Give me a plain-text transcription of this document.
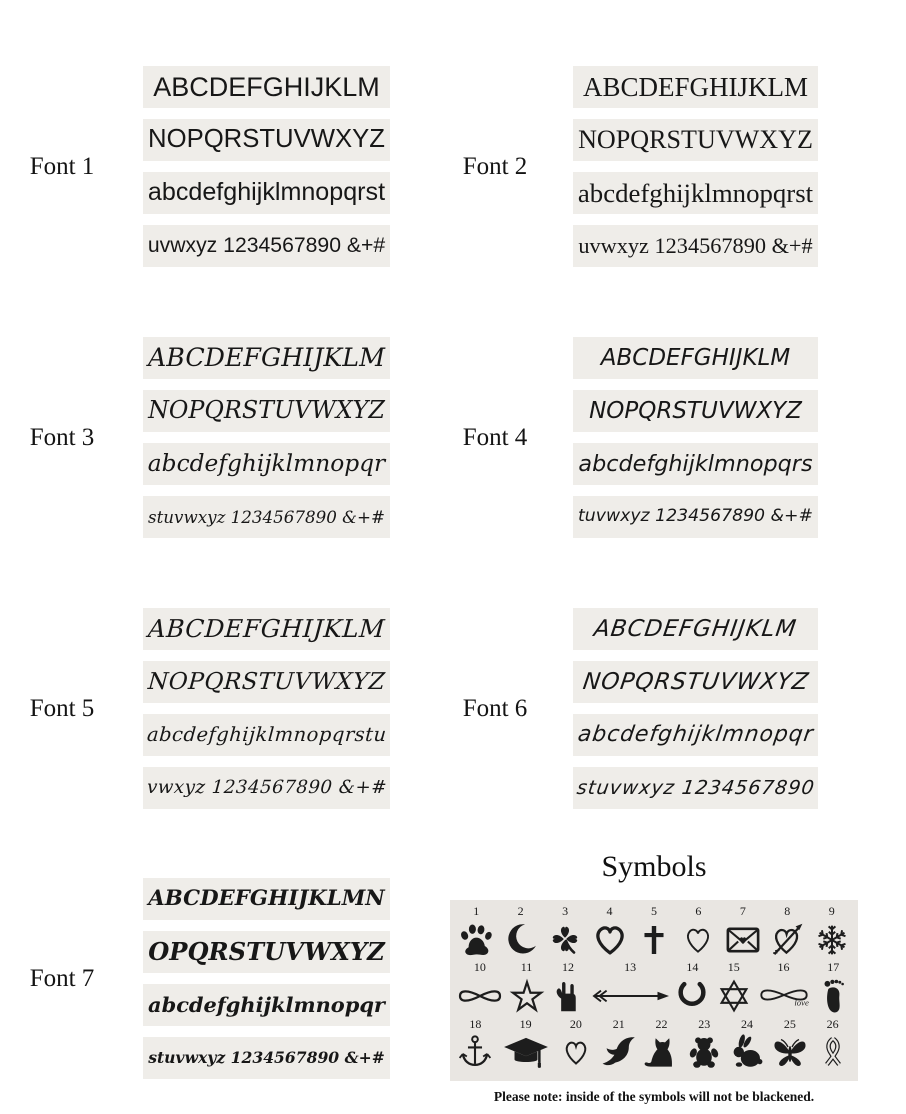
Font 1
ABCDEFGHIJKLM
NOPQRSTUVWXYZ
abcdefghijklmnopqrst
uvwxyz 1234567890 &+#
Font 2
ABCDEFGHIJKLM
NOPQRSTUVWXYZ
abcdefghijklmnopqrst
uvwxyz 1234567890 &+#
Font 3
ABCDEFGHIJKLM
NOPQRSTUVWXYZ
abcdefghijklmnopqr
stuvwxyz 1234567890 &+#
Font 4
ABCDEFGHIJKLM
NOPQRSTUVWXYZ
abcdefghijklmnopqrs
tuvwxyz 1234567890 &+#
Font 5
ABCDEFGHIJKLM
NOPQRSTUVWXYZ
abcdefghijklmnopqrstu
vwxyz 1234567890 &+#
Font 6
ABCDEFGHIJKLM
NOPQRSTUVWXYZ
abcdefghijklmnopqr
stuvwxyz 1234567890
Font 7
ABCDEFGHIJKLMN
OPQRSTUVWXYZ
abcdefghijklmnopqr
stuvwxyz 1234567890 &+#
Symbols
1	2	3	4	5	6	7	8	9
10	11 12	13	14 15	16
love
17
18	19	20	21	22	23	24	25	26
Please note: inside of the symbols will not be blackened.
